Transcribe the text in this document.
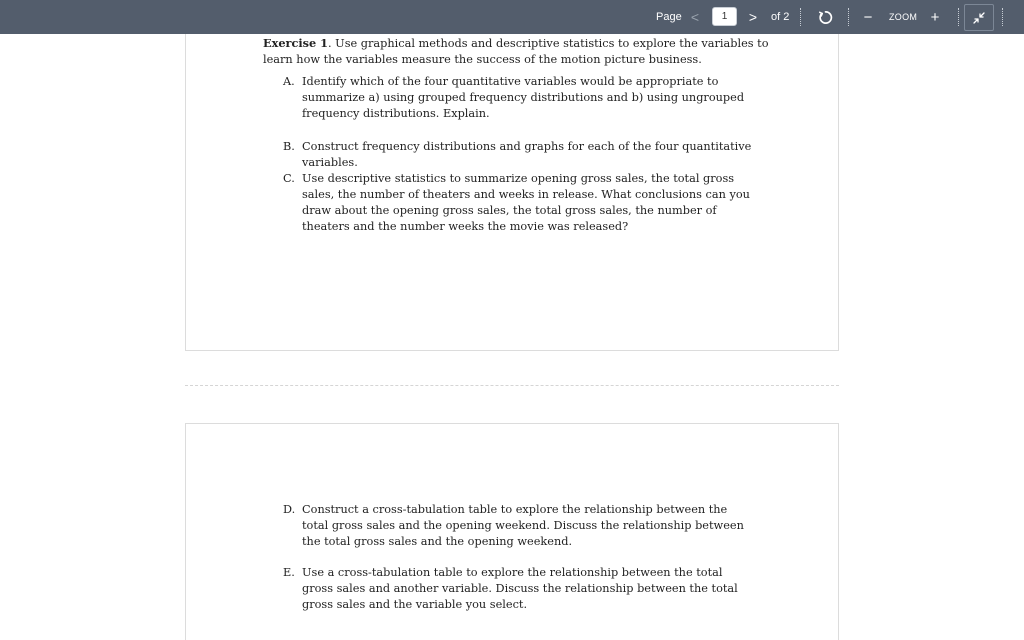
Page <
1	> of 2	− ZOOM +
Exercise 1. Use graphical methods and descriptive statistics to explore the variables to learn how the variables measure the success of the motion picture business.
A. Identify which of the four quantitative variables would be appropriate to summarize a) using grouped frequency distributions and b) using ungrouped frequency distributions. Explain.
B. Construct frequency distributions and graphs for each of the four quantitative variables.
C. Use descriptive statistics to summarize opening gross sales, the total gross sales, the number of theaters and weeks in release. What conclusions can you draw about the opening gross sales, the total gross sales, the number of theaters and the number weeks the movie was released?
D. Construct a cross-tabulation table to explore the relationship between the total gross sales and the opening weekend. Discuss the relationship between the total gross sales and the opening weekend.
E. Use a cross-tabulation table to explore the relationship between the total gross sales and another variable. Discuss the relationship between the total gross sales and the variable you select.
